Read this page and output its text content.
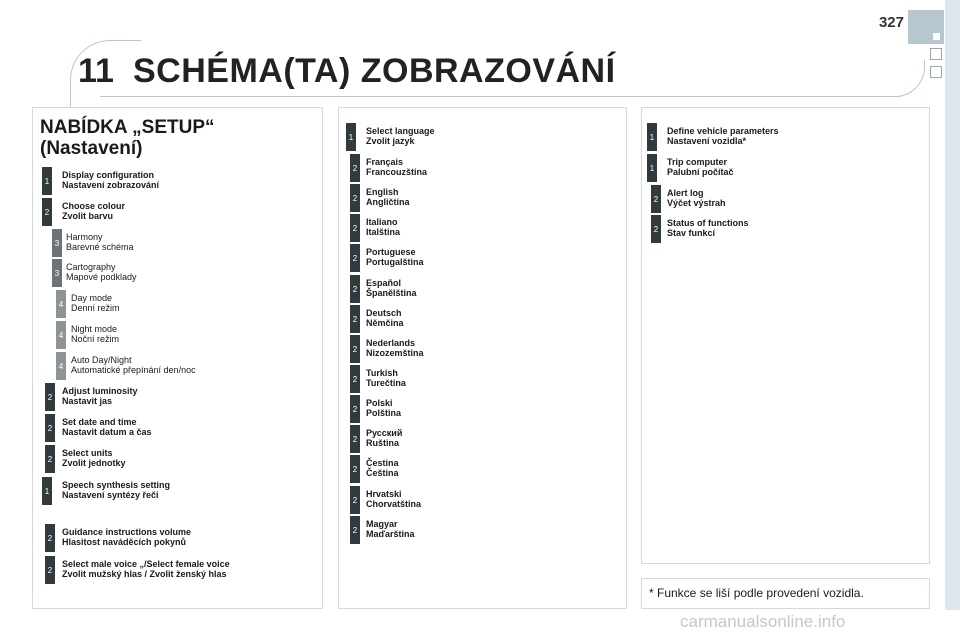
327
11 SCHÉMA(TA) ZOBRAZOVÁNÍ
NABÍDKA „SETUP“
(Nastavení)
1
Display configuration
Nastavení zobrazování
2
Choose colour
Zvolit barvu
3
Harmony
Barevné schéma
3
Cartography
Mapové podklady
4
Day mode
Denní režim
4
Night mode
Noční režim
4
Auto Day/Night
Automatické přepínání den/noc
2
Adjust luminosity
Nastavit jas
2
Set date and time
Nastavit datum a čas
2
Select units
Zvolit jednotky
1
Speech synthesis setting
Nastavení syntézy řeči
2
Guidance instructions volume
Hlasitost naváděcích pokynů
2
Select male voice „/Select female voice
Zvolit mužský hlas / Zvolit ženský hlas
1
Select language
Zvolit jazyk
2
Français
Francouzština
2
English
Angličtina
2
Italiano
Italština
2
Portuguese
Portugalština
2
Español
Španělština
2
Deutsch
Němčina
2
Nederlands
Nizozemština
2
Turkish
Turečtina
2
Polski
Polština
2
Русский
Ruština
2
Čestina
Čeština
2
Hrvatski
Chorvatština
2
Magyar
Maďarština
1
Define vehicle parameters
Nastavení vozidla*
1
Trip computer
Palubní počítač
2
Alert log
Výčet výstrah
2
Status of functions
Stav funkcí
* Funkce se liší podle provedení vozidla.
carmanualsonline.info
